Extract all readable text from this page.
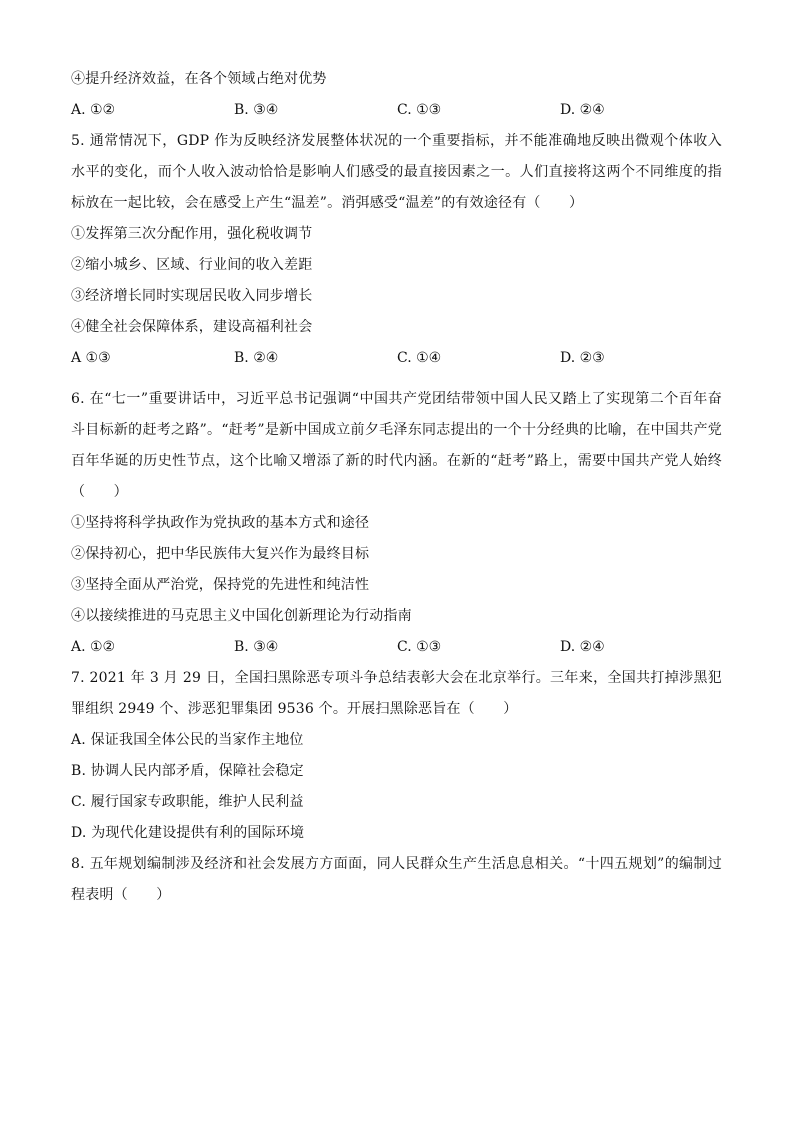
④提升经济效益，在各个领域占绝对优势
A. ①②	B. ③④	C. ①③	D. ②④
5. 通常情况下，GDP 作为反映经济发展整体状况的一个重要指标，并不能准确地反映出微观个体收入水平的变化，而个人收入波动恰恰是影响人们感受的最直接因素之一。人们直接将这两个不同维度的指标放在一起比较，会在感受上产生“温差”。消弭感受“温差”的有效途径有（　　）
①发挥第三次分配作用，强化税收调节
②缩小城乡、区域、行业间的收入差距
③经济增长同时实现居民收入同步增长
④健全社会保障体系，建设高福利社会
A ①③	B. ②④	C. ①④	D. ②③
6. 在“七一”重要讲话中，习近平总书记强调“中国共产党团结带领中国人民又踏上了实现第二个百年奋斗目标新的赶考之路”。“赶考”是新中国成立前夕毛泽东同志提出的一个十分经典的比喻，在中国共产党百年华诞的历史性节点，这个比喻又增添了新的时代内涵。在新的“赶考”路上，需要中国共产党人始终（　　）
①坚持将科学执政作为党执政的基本方式和途径
②保持初心，把中华民族伟大复兴作为最终目标
③坚持全面从严治党，保持党的先进性和纯洁性
④以接续推进的马克思主义中国化创新理论为行动指南
A. ①②	B. ③④	C. ①③	D. ②④
7. 2021 年 3 月 29 日，全国扫黑除恶专项斗争总结表彰大会在北京举行。三年来，全国共打掉涉黑犯罪组织 2949 个、涉恶犯罪集团 9536 个。开展扫黑除恶旨在（　　）
A. 保证我国全体公民的当家作主地位
B. 协调人民内部矛盾，保障社会稳定
C. 履行国家专政职能，维护人民利益
D. 为现代化建设提供有利的国际环境
8. 五年规划编制涉及经济和社会发展方方面面，同人民群众生产生活息息相关。“十四五规划”的编制过程表明（　　）
